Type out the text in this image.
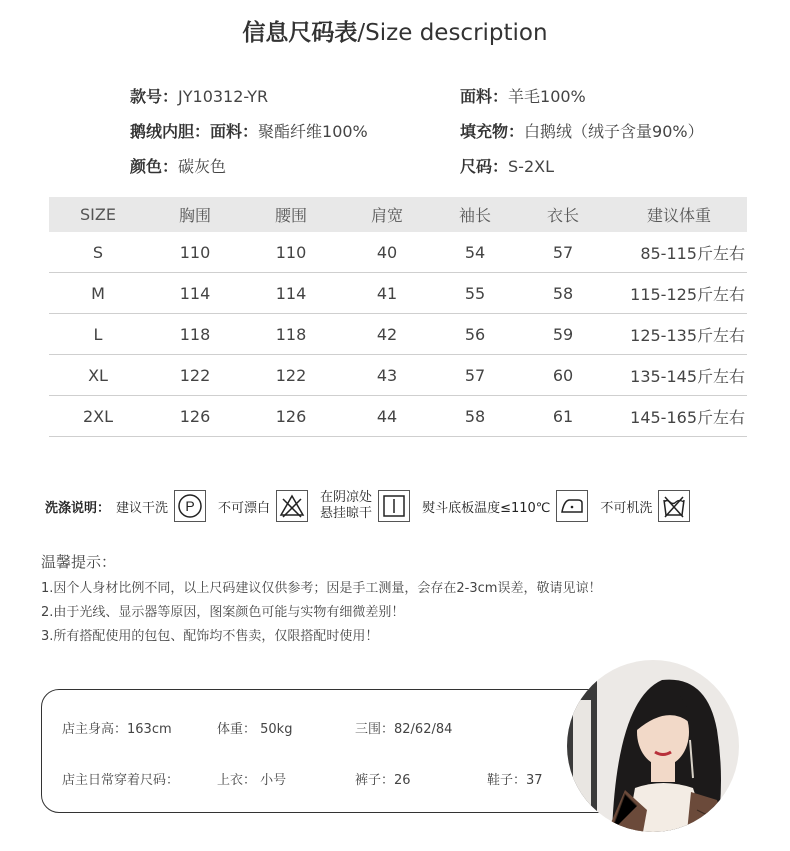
信息尺码表/Size description
款号：JY10312-YR
鹅绒内胆：面料：聚酯纤维100%
颜色：碳灰色
面料：羊毛100%
填充物：白鹅绒（绒子含量90%）
尺码：S-2XL
SIZE	胸围	腰围	肩宽	袖长	衣长	建议体重
S	110	110	40	54	57	85-115斤左右
M	114	114	41	55	58	115-125斤左右
L	118	118	42	56	59	125-135斤左右
XL	122	122	43	57	60	135-145斤左右
2XL	126	126	44	58	61	145-165斤左右
洗涤说明： 建议干洗 P 不可漂白
在阴凉处
悬挂晾干	熨斗底板温度≤110℃	不可机洗
温馨提示：
1.因个人身材比例不同，以上尺码建议仅供参考；因是手工测量，会存在2-3cm误差，敬请见谅！
2.由于光线、显示器等原因，图案颜色可能与实物有细微差别！
3.所有搭配使用的包包、配饰均不售卖，仅限搭配时使用！
店主身高：163cm	体重： 50kg	三围：82/62/84
店主日常穿着尺码：	上衣： 小号	裤子：26	鞋子：37
